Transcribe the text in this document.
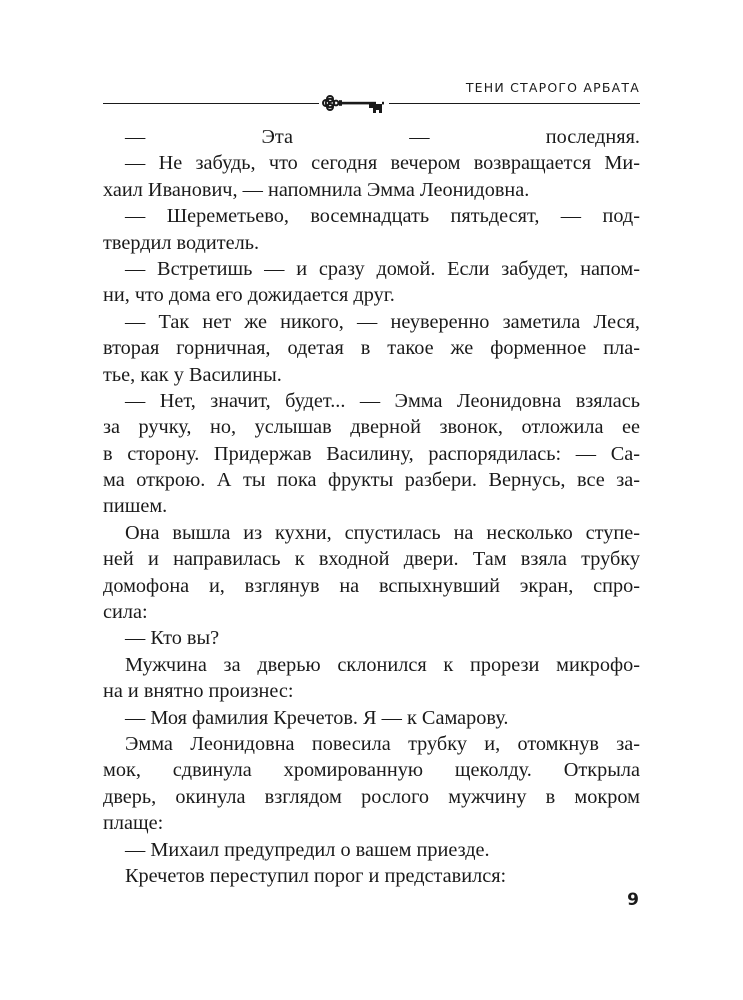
ТЕНИ СТАРОГО АРБАТА
— Эта — последняя.
— Не забудь, что сегодня вечером возвращается Ми-
хаил Иванович, — напомнила Эмма Леонидовна.
— Шереметьево, восемнадцать пятьдесят, — под-
твердил водитель.
— Встретишь — и сразу домой. Если забудет, напом-
ни, что дома его дожидается друг.
— Так нет же никого, — неуверенно заметила Леся,
вторая горничная, одетая в такое же форменное пла-
тье, как у Василины.
— Нет, значит, будет... — Эмма Леонидовна взялась
за ручку, но, услышав дверной звонок, отложила ее
в сторону. Придержав Василину, распорядилась: — Са-
ма открою. А ты пока фрукты разбери. Вернусь, все за-
пишем.
Она вышла из кухни, спустилась на несколько ступе-
ней и направилась к входной двери. Там взяла трубку
домофона и, взглянув на вспыхнувший экран, спро-
сила:
— Кто вы?
Мужчина за дверью склонился к прорези микрофо-
на и внятно произнес:
— Моя фамилия Кречетов. Я — к Самарову.
Эмма Леонидовна повесила трубку и, отомкнув за-
мок, сдвинула хромированную щеколду. Открыла
дверь, окинула взглядом рослого мужчину в мокром
плаще:
— Михаил предупредил о вашем приезде.
Кречетов переступил порог и представился:
9
